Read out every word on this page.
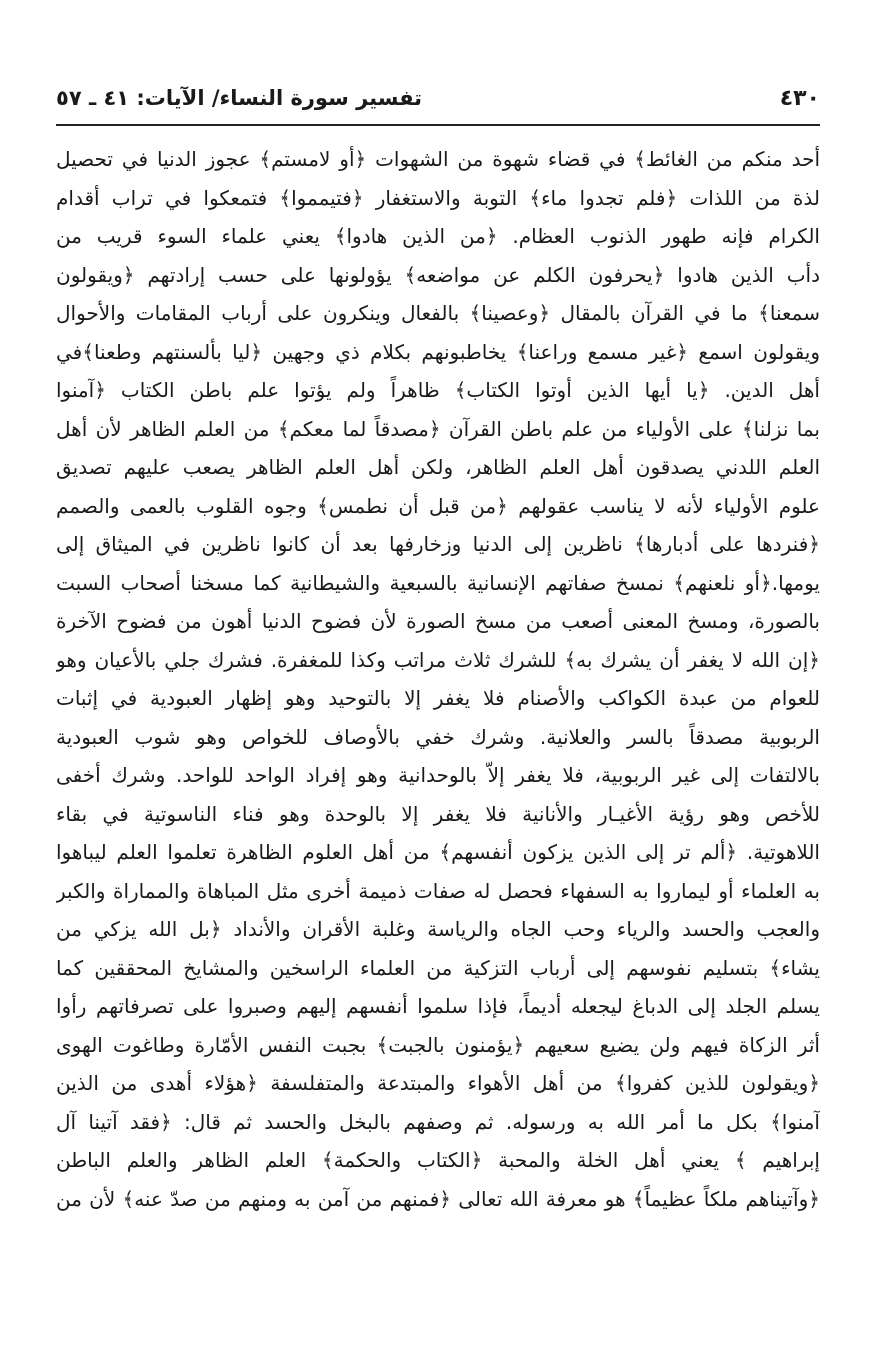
٤٣٠
تفسير سورة النساء/ الآيات: ٤١ ـ ٥٧
أحد منكم من الغائط﴾ في قضاء شهوة من الشهوات ﴿أو لامستم﴾ عجوز الدنيا في تحصيل
لذة من اللذات ﴿فلم تجدوا ماء﴾ التوبة والاستغفار ﴿فتيمموا﴾ فتمعكوا في تراب أقدام
الكرام فإنه طهور الذنوب العظام. ﴿من الذين هادوا﴾ يعني علماء السوء قريب من
دأب الذين هادوا ﴿يحرفون الكلم عن مواضعه﴾ يؤولونها على حسب إرادتهم ﴿ويقولون
سمعنا﴾ ما في القرآن بالمقال ﴿وعصينا﴾ بالفعال وينكرون على أرباب المقامات والأحوال
ويقولون اسمع ﴿غير مسمع وراعنا﴾ يخاطبونهم بكلام ذي وجهين ﴿ليا بألسنتهم وطعنا﴾في
أهل الدين. ﴿يا أيها الذين أوتوا الكتاب﴾ ظاهراً ولم يؤتوا علم باطن الكتاب ﴿آمنوا
بما نزلنا﴾ على الأولياء من علم باطن القرآن ﴿مصدقاً لما معكم﴾ من العلم الظاهر لأن أهل
العلم اللدني يصدقون أهل العلم الظاهر، ولكن أهل العلم الظاهر يصعب عليهم تصديق
علوم الأولياء لأنه لا يناسب عقولهم ﴿من قبل أن نطمس﴾ وجوه القلوب بالعمى والصمم
﴿فنردها على أدبارها﴾ ناظرين إلى الدنيا وزخارفها بعد أن كانوا ناظرين في الميثاق إلى
يومها.﴿أو نلعنهم﴾ نمسخ صفاتهم الإنسانية بالسبعية والشيطانية كما مسخنا أصحاب السبت
بالصورة، ومسخ المعنى أصعب من مسخ الصورة لأن فضوح الدنيا أهون من فضوح الآخرة
﴿إن الله لا يغفر أن يشرك به﴾ للشرك ثلاث مراتب وكذا للمغفرة. فشرك جلي بالأعيان وهو
للعوام من عبدة الكواكب والأصنام فلا يغفر إلا بالتوحيد وهو إظهار العبودية في إثبات
الربوبية مصدقاً بالسر والعلانية. وشرك خفي بالأوصاف للخواص وهو شوب العبودية
بالالتفات إلى غير الربوبية، فلا يغفر إلاّ بالوحدانية وهو إفراد الواحد للواحد. وشرك أخفى
للأخص وهو رؤية الأغيـار والأنانية فلا يغفر إلا بالوحدة وهو فناء الناسوتية في بقاء
اللاهوتية. ﴿ألم تر إلى الذين يزكون أنفسهم﴾ من أهل العلوم الظاهرة تعلموا العلم ليباهوا
به العلماء أو ليماروا به السفهاء فحصل له صفات ذميمة أخرى مثل المباهاة والمماراة والكبر
والعجب والحسد والرياء وحب الجاه والرياسة وغلبة الأقران والأنداد ﴿بل الله يزكي من
يشاء﴾ بتسليم نفوسهم إلى أرباب التزكية من العلماء الراسخين والمشايخ المحققين كما
يسلم الجلد إلى الدباغ ليجعله أديماً، فإذا سلموا أنفسهم إليهم وصبروا على تصرفاتهم رأوا
أثر الزكاة فيهم ولن يضيع سعيهم ﴿يؤمنون بالجبت﴾ بجبت النفس الأمّارة وطاغوت الهوى
﴿ويقولون للذين كفروا﴾ من أهل الأهواء والمبتدعة والمتفلسفة ﴿هؤلاء أهدى من الذين
آمنوا﴾ بكل ما أمر الله به ورسوله. ثم وصفهم بالبخل والحسد ثم قال: ﴿فقد آتينا آل
إبراهيم ﴾ يعني أهل الخلة والمحبة ﴿الكتاب والحكمة﴾ العلم الظاهر والعلم الباطن
﴿وآتيناهم ملكاً عظيماً﴾ هو معرفة الله تعالى ﴿فمنهم من آمن به ومنهم من صدّ عنه﴾ لأن من
